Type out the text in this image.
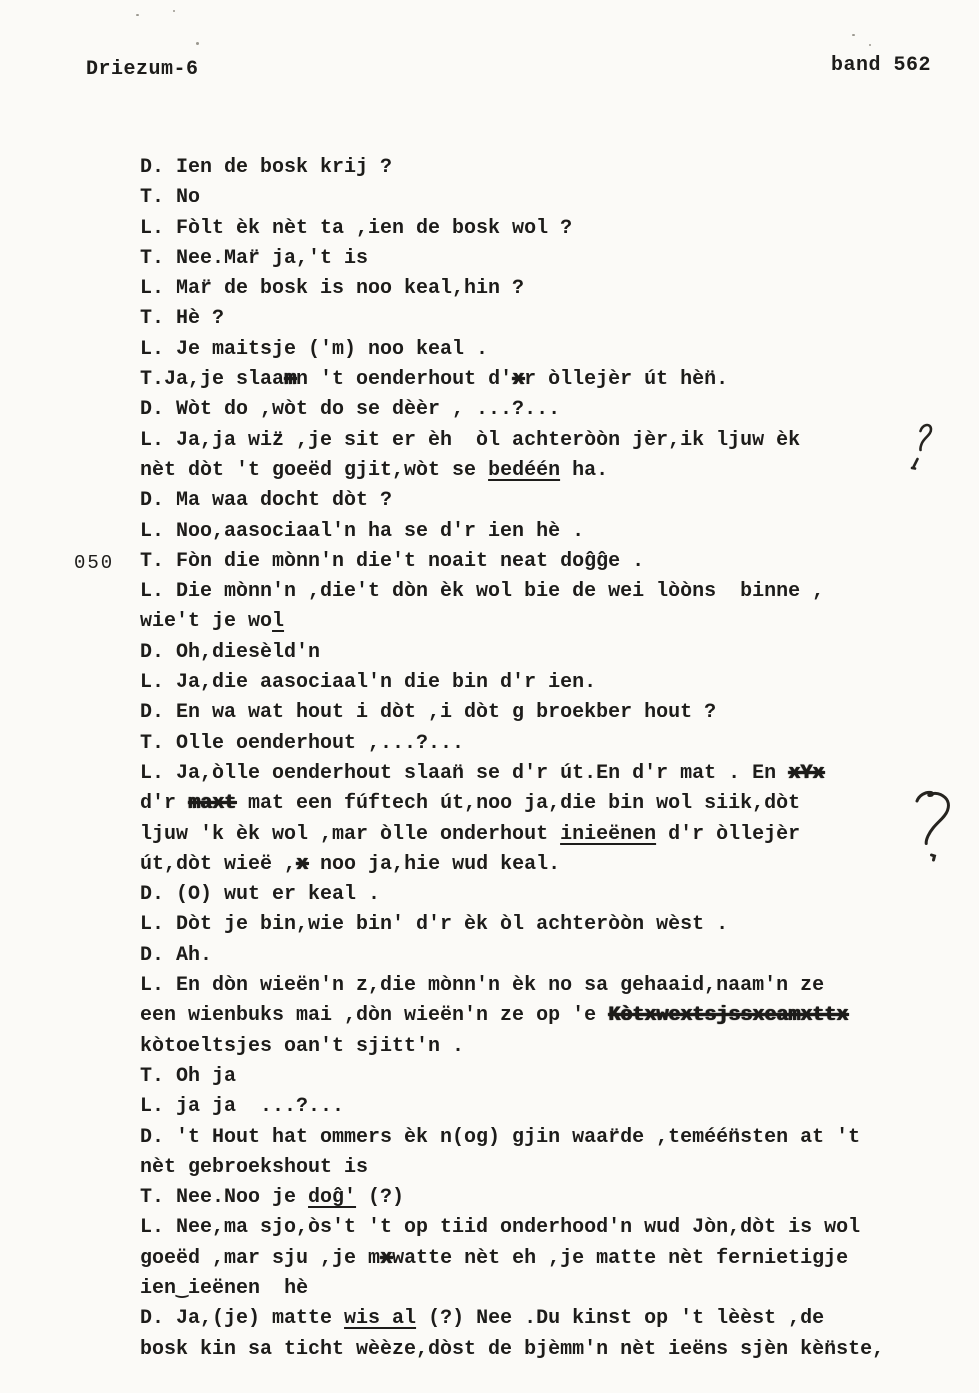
Driezum-6	band 562
D. Ien de bosk krij ?
T. No
L. Fòlt èk nèt ta ,ien de bosk wol ?
T. Nee.Mar̈ ja,'t is
L. Mar̈ de bosk is noo keal,hin ?
T. Hè ?
L. Je maitsje ('m) noo keal .
T.Ja,je slaamn 't oenderhout d'xr òllejèr út hèn̈.
D. Wòt do ,wòt do se dèèr , ...?...
L. Ja,ja wiz̈ ,je sit er èh  òl achteròòn jèr,ik ljuw èk
nèt dòt 't goeëd gjit,wòt se bedéén ha.
D. Ma waa docht dòt ?
L. Noo,aasociaal'n ha se d'r ien hè .
050 T. Fòn die mònn'n die't noait neat doĝĝe .
L. Die mònn'n ,die't dòn èk wol bie de wei lòòns  binne ,
wie't je wol
D. Oh,diesèld'n
L. Ja,die aasociaal'n die bin d'r ien.
D. En wa wat hout i dòt ,i dòt g broekber hout ?
T. Olle oenderhout ,...?...
L. Ja,òlle oenderhout slaan̈ se d'r út.En d'r mat . En xYx
d'r maxt mat een fúftech út,noo ja,die bin wol siik,dòt
ljuw 'k èk wol ,mar òlle onderhout inieënen d'r òllejèr
út,dòt wieë ,x noo ja,hie wud keal.
D. (O) wut er keal .
L. Dòt je bin,wie bin' d'r èk òl achteròòn wèst .
D. Ah.
L. En dòn wieën'n z,die mònn'n èk no sa gehaaid,naam'n ze
een wienbuks mai ,dòn wieën'n ze op 'e Kòtxwextsjssxeamxttx
kòtoeltsjes oan't sjitt'n .
T. Oh ja
L. ja ja  ...?...
D. 't Hout hat ommers èk n(og) gjin waar̈de ,teméén̈sten at 't
nèt gebroekshout is
T. Nee.Noo je doĝ' (?)
L. Nee,ma sjo,òs't 't op tiid onderhood'n wud Jòn,dòt is wol
goeëd ,mar sju ,je mxwatte nèt eh ,je matte nèt fernietigje
ien‿ieënen  hè
D. Ja,(je) matte wis al (?) Nee .Du kinst op 't lèèst ,de
bosk kin sa ticht wèèze,dòst de bjèmm'n nèt ieëns sjèn kèn̈ste,
